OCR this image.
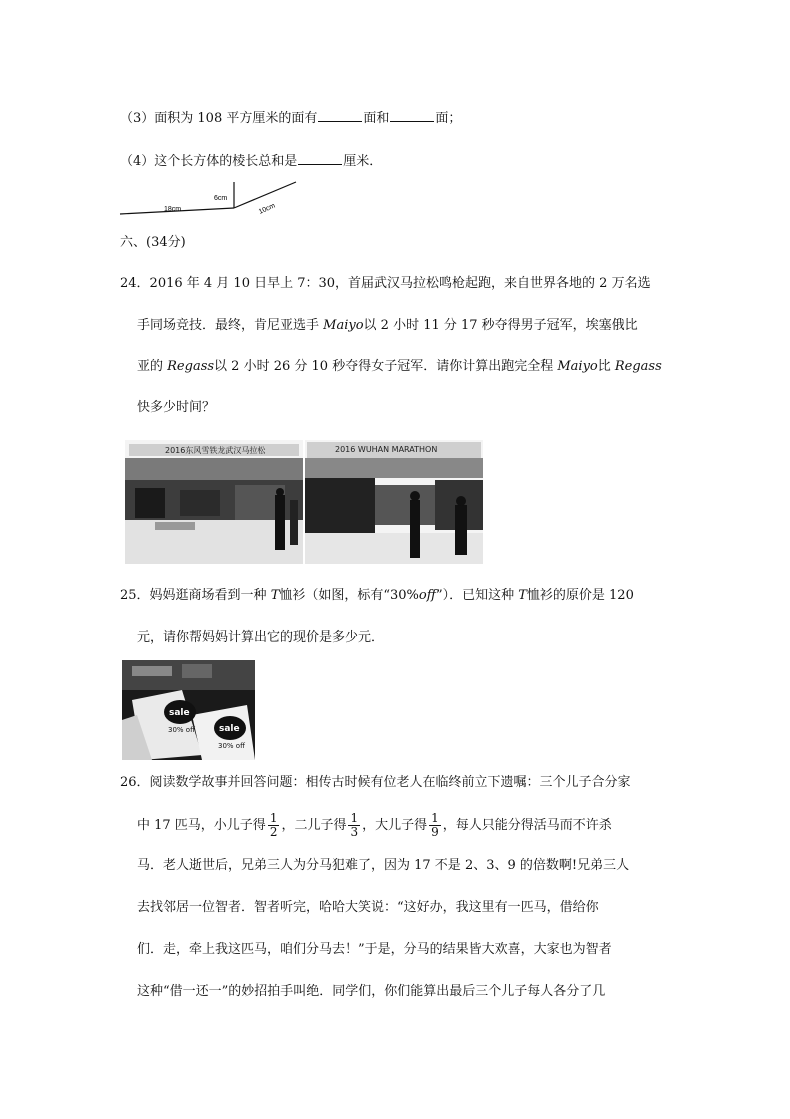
（3）面积为 108 平方厘米的面有	面和	面；
（4）这个长方体的棱长总和是	厘米．
18cm
6cm
10cm
六、(34分)
24．2016 年 4 月 10 日早上 7：30，首届武汉马拉松鸣枪起跑，来自世界各地的 2 万名选
手同场竞技．最终，肯尼亚选手 Maiyo以 2 小时 11 分 17 秒夺得男子冠军，埃塞俄比
亚的 Regass以 2 小时 26 分 10 秒夺得女子冠军．请你计算出跑完全程 Maiyo比 Regass
快多少时间？
2016东风雪铁龙武汉马拉松	2016 WUHAN MARATHON
25．妈妈逛商场看到一种 T恤衫（如图，标有“30%off”）．已知这种 T恤衫的原价是 120
元，请你帮妈妈计算出它的现价是多少元．
sale
30% off	sale
30% off
26．阅读数学故事并回答问题：相传古时候有位老人在临终前立下遗嘱：三个儿子合分家
中 17 匹马，小儿子得 $\frac{1}{2}$ ，二儿子得 $\frac{1}{3}$ ，大儿子得 $\frac{1}{9}$ ，每人只能分得活马而不许杀
马．老人逝世后，兄弟三人为分马犯难了，因为 17 不是 2、3、9 的倍数啊!兄弟三人
去找邻居一位智者．智者听完，哈哈大笑说：“这好办，我这里有一匹马，借给你
们．走，牵上我这匹马，咱们分马去！”于是，分马的结果皆大欢喜，大家也为智者
这种“借一还一”的妙招拍手叫绝．同学们，你们能算出最后三个儿子每人各分了几
